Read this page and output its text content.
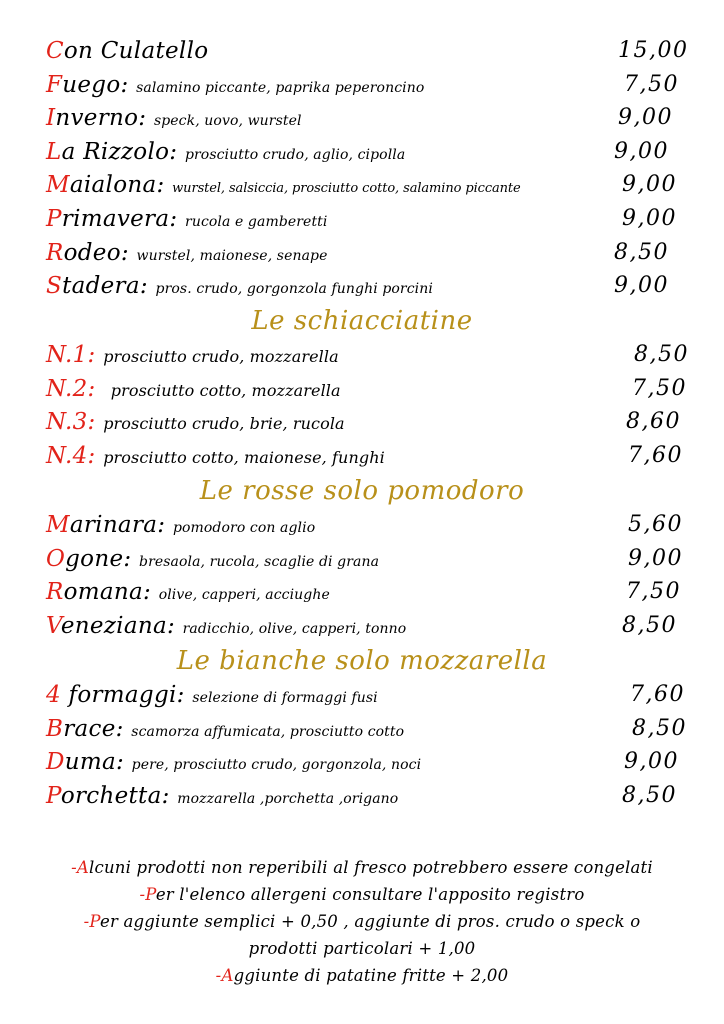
Con Culatello	15,00
Fuego: salamino piccante, paprika peperoncino	7,50
Inverno: speck, uovo, wurstel	9,00
La Rizzolo: prosciutto crudo, aglio, cipolla	9,00
Maialona: wurstel, salsiccia, prosciutto cotto, salamino piccante	9,00
Primavera: rucola e gamberetti	9,00
Rodeo: wurstel, maionese, senape	8,50
Stadera: pros. crudo, gorgonzola funghi porcini	9,00
Le schiacciatine
N.1: prosciutto crudo, mozzarella	8,50
N.2: prosciutto cotto, mozzarella	7,50
N.3: prosciutto crudo, brie, rucola	8,60
N.4: prosciutto cotto, maionese, funghi	7,60
Le rosse solo pomodoro
Marinara: pomodoro con aglio	5,60
Ogone: bresaola, rucola, scaglie di grana	9,00
Romana: olive, capperi, acciughe	7,50
Veneziana: radicchio, olive, capperi, tonno	8,50
Le bianche solo mozzarella
4 formaggi: selezione di formaggi fusi	7,60
Brace: scamorza affumicata, prosciutto cotto	8,50
Duma: pere, prosciutto crudo, gorgonzola, noci	9,00
Porchetta: mozzarella ,porchetta ,origano	8,50
-Alcuni prodotti non reperibili al fresco potrebbero essere congelati
-Per l'elenco allergeni consultare l'apposito registro
-Per aggiunte semplici + 0,50 , aggiunte di pros. crudo o speck o
prodotti particolari + 1,00
-Aggiunte di patatine fritte + 2,00
